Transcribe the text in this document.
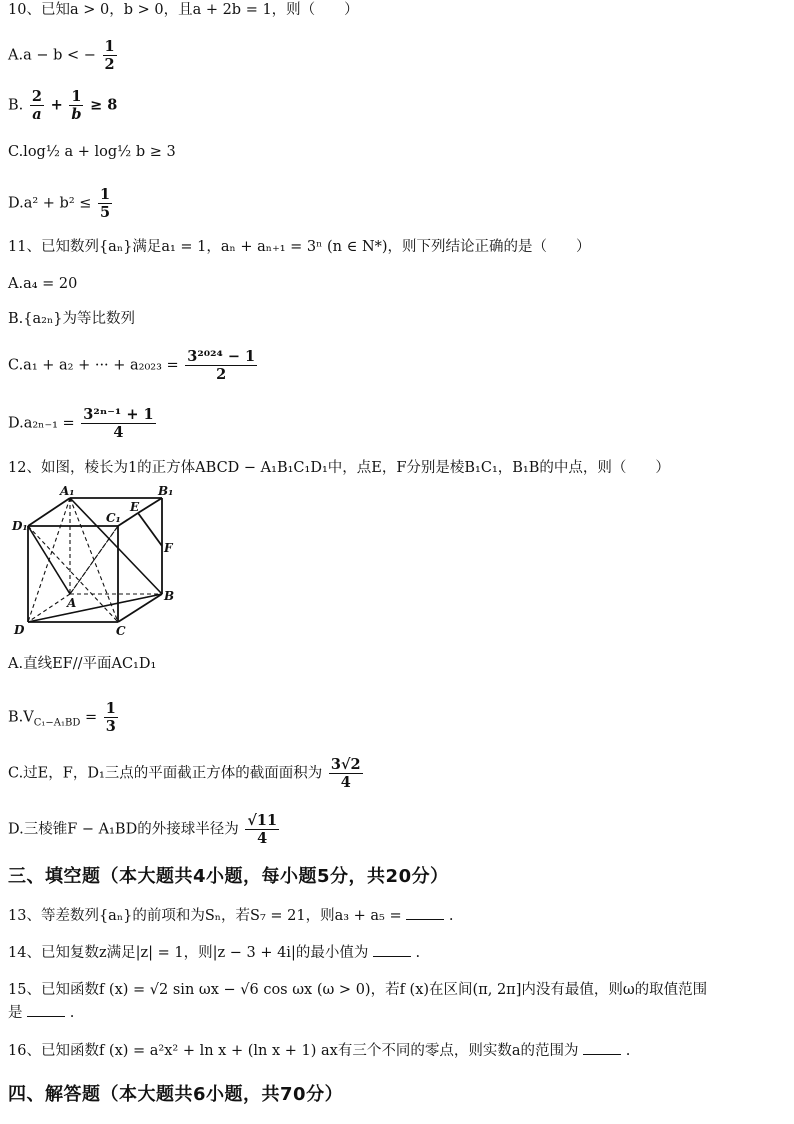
10、已知a > 0，b > 0，且a + 2b = 1，则（　　）
A.a − b < − $\frac{1}{2}$
B. $\frac{2}{a} + \frac{1}{b} \ge 8$
C.log½ a + log½ b ≥ 3
$D.a^2 + b^2 \le \frac{1}{5}$
11、已知数列{aₙ}满足a₁ = 1，aₙ + aₙ₊₁ = 3ⁿ (n ∈ N*)，则下列结论正确的是（　　）
A.a₄ = 20
B.{a₂ₙ}为等比数列
C.a₁ + a₂ + ··· + $a_{2023} = \frac{\text{3²⁰²⁴ − 1}}{2}$
$D.a_{2n-1} = \frac{\text{3²ⁿ⁻¹ + 1}}{4}$
12、如图，棱长为1的正方体ABCD − A₁B₁C₁D₁中，点E，F分别是棱B₁C₁，B₁B的中点，则（　　）
A₁	B₁
C₁
D₁
E
F
A	B
C
D
A.直线EF//平面AC₁D₁
$B.V_{C_1-A_1BD} = \frac{1}{3}$
C.过E，F，D₁三点的平面截正方体的截面面积为 $\frac{3√2}{4}$
D.三棱锥F − A₁BD的外接球半径为 $\frac{√11}{4}$
三、填空题（本大题共4小题，每小题5分，共20分）
13、等差数列{aₙ}的前项和为Sₙ，若S₇ = 21，则a₃ + a₅ =	.
14、已知复数z满足|z| = 1，则|z − 3 + 4i|的最小值为	.
15、已知函数f (x) = √2 sin ωx − √6 cos ωx (ω > 0)，若f (x)在区间(π, 2π]内没有最值，则ω的取值范围
是	.
16、已知函数f (x) = a²x² + ln x + (ln x + 1) ax有三个不同的零点，则实数a的范围为	.
四、解答题（本大题共6小题，共70分）
